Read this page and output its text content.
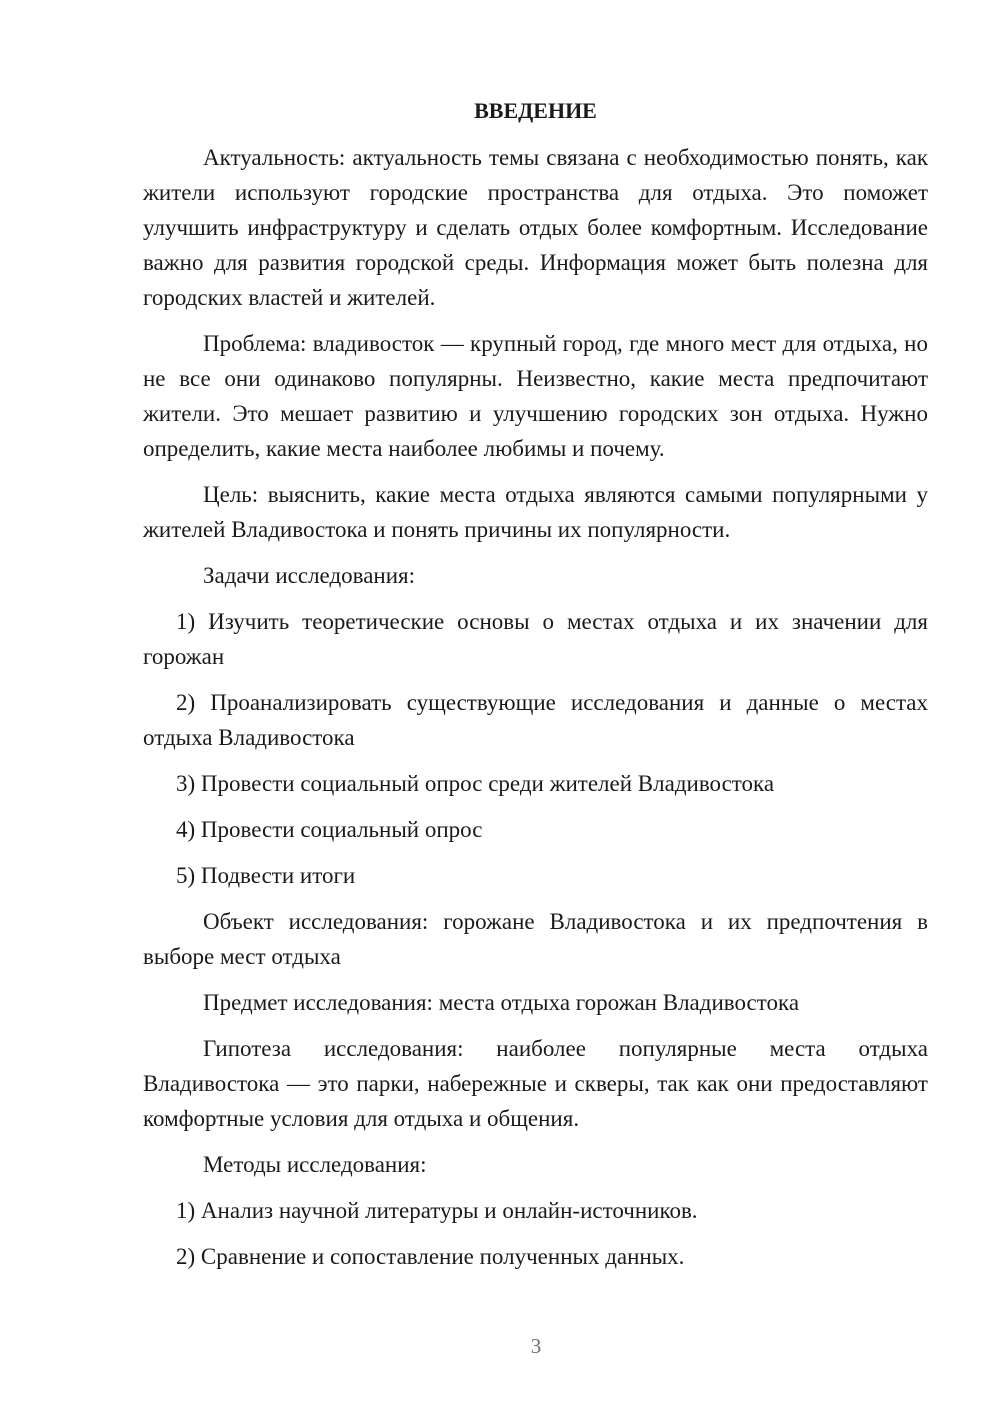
ВВЕДЕНИЕ

Актуальность: актуальность темы связана с необходимостью понять, как жители используют городские пространства для отдыха. Это поможет улучшить инфраструктуру и сделать отдых более комфортным. Исследование важно для развития городской среды. Информация может быть полезна для городских властей и жителей.

Проблема: владивосток — крупный город, где много мест для отдыха, но не все они одинаково популярны. Неизвестно, какие места предпочитают жители. Это мешает развитию и улучшению городских зон отдыха. Нужно определить, какие места наиболее любимы и почему.

Цель: выяснить, какие места отдыха являются самыми популярными у жителей Владивостока и понять причины их популярности.

Задачи исследования:

1) Изучить теоретические основы о местах отдыха и их значении для горожан

2) Проанализировать существующие исследования и данные о местах отдыха Владивостока

3) Провести социальный опрос среди жителей Владивостока

4) Провести социальный опрос

5) Подвести итоги

Объект исследования: горожане Владивостока и их предпочтения в выборе мест отдыха

Предмет исследования: места отдыха горожан Владивостока

Гипотеза исследования: наиболее популярные места отдыха Владивостока — это парки, набережные и скверы, так как они предоставляют комфортные условия для отдыха и общения.

Методы исследования:

1) Анализ научной литературы и онлайн-источников.

2) Сравнение и сопоставление полученных данных.

3
